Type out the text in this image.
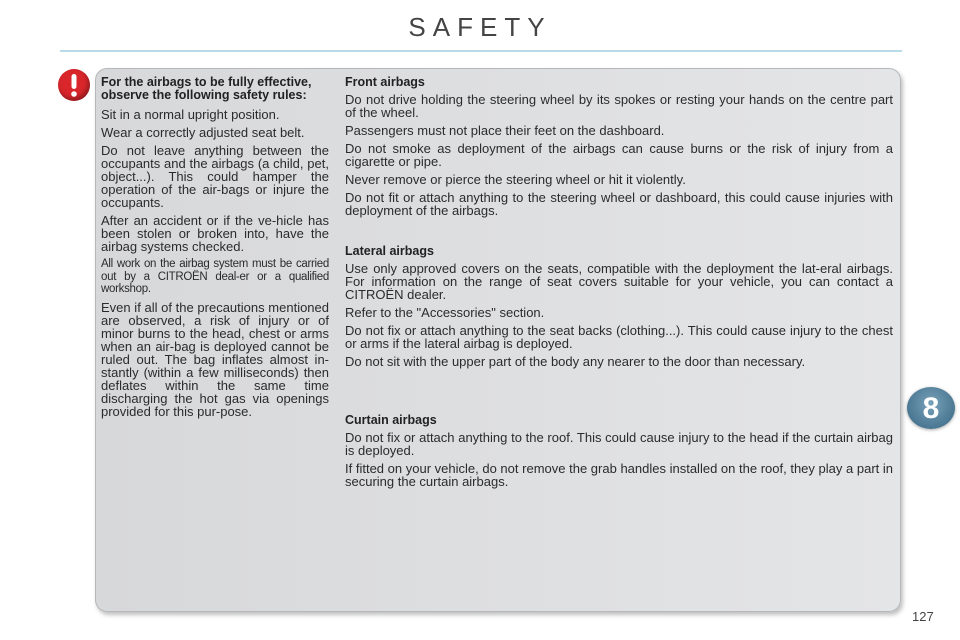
SAFETY

For the airbags to be fully effective, observe the following safety rules:

Sit in a normal upright position.

Wear a correctly adjusted seat belt.

Do not leave anything between the occupants and the airbags (a child, pet, object...). This could hamper the operation of the air-bags or injure the occupants.

After an accident or if the ve-hicle has been stolen or broken into, have the airbag systems checked.

All work on the airbag system must be carried out by a CITROËN deal-er or a qualified workshop.

Even if all of the precautions mentioned are observed, a risk of injury or of minor burns to the head, chest or arms when an air-bag is deployed cannot be ruled out. The bag inflates almost in-stantly (within a few milliseconds) then deflates within the same time discharging the hot gas via openings provided for this pur-pose.

Front airbags

Do not drive holding the steering wheel by its spokes or resting your hands on the centre part of the wheel.

Passengers must not place their feet on the dashboard.

Do not smoke as deployment of the airbags can cause burns or the risk of injury from a cigarette or pipe.

Never remove or pierce the steering wheel or hit it violently.

Do not fit or attach anything to the steering wheel or dashboard, this could cause injuries with deployment of the airbags.

Lateral airbags

Use only approved covers on the seats, compatible with the deployment the lat-eral airbags. For information on the range of seat covers suitable for your vehicle, you can contact a CITROËN dealer.

Refer to the "Accessories" section.

Do not fix or attach anything to the seat backs (clothing...). This could cause injury to the chest or arms if the lateral airbag is deployed.

Do not sit with the upper part of the body any nearer to the door than necessary.

Curtain airbags

Do not fix or attach anything to the roof. This could cause injury to the head if the curtain airbag is deployed.

If fitted on your vehicle, do not remove the grab handles installed on the roof, they play a part in securing the curtain airbags.

8
127
